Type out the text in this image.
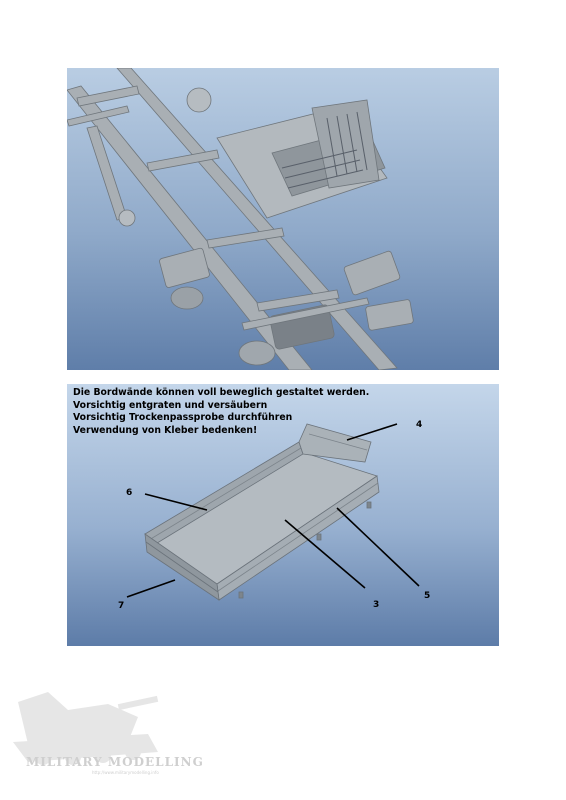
Die Bordwände können voll beweglich gestaltet werden.
Vorsichtig entgraten und versäubern
Vorsichtig Trockenpassprobe durchführen
Verwendung von Kleber bedenken!
6
7	3
5
4
MILITARY MODELLING
http://www.militarymodelling.info
